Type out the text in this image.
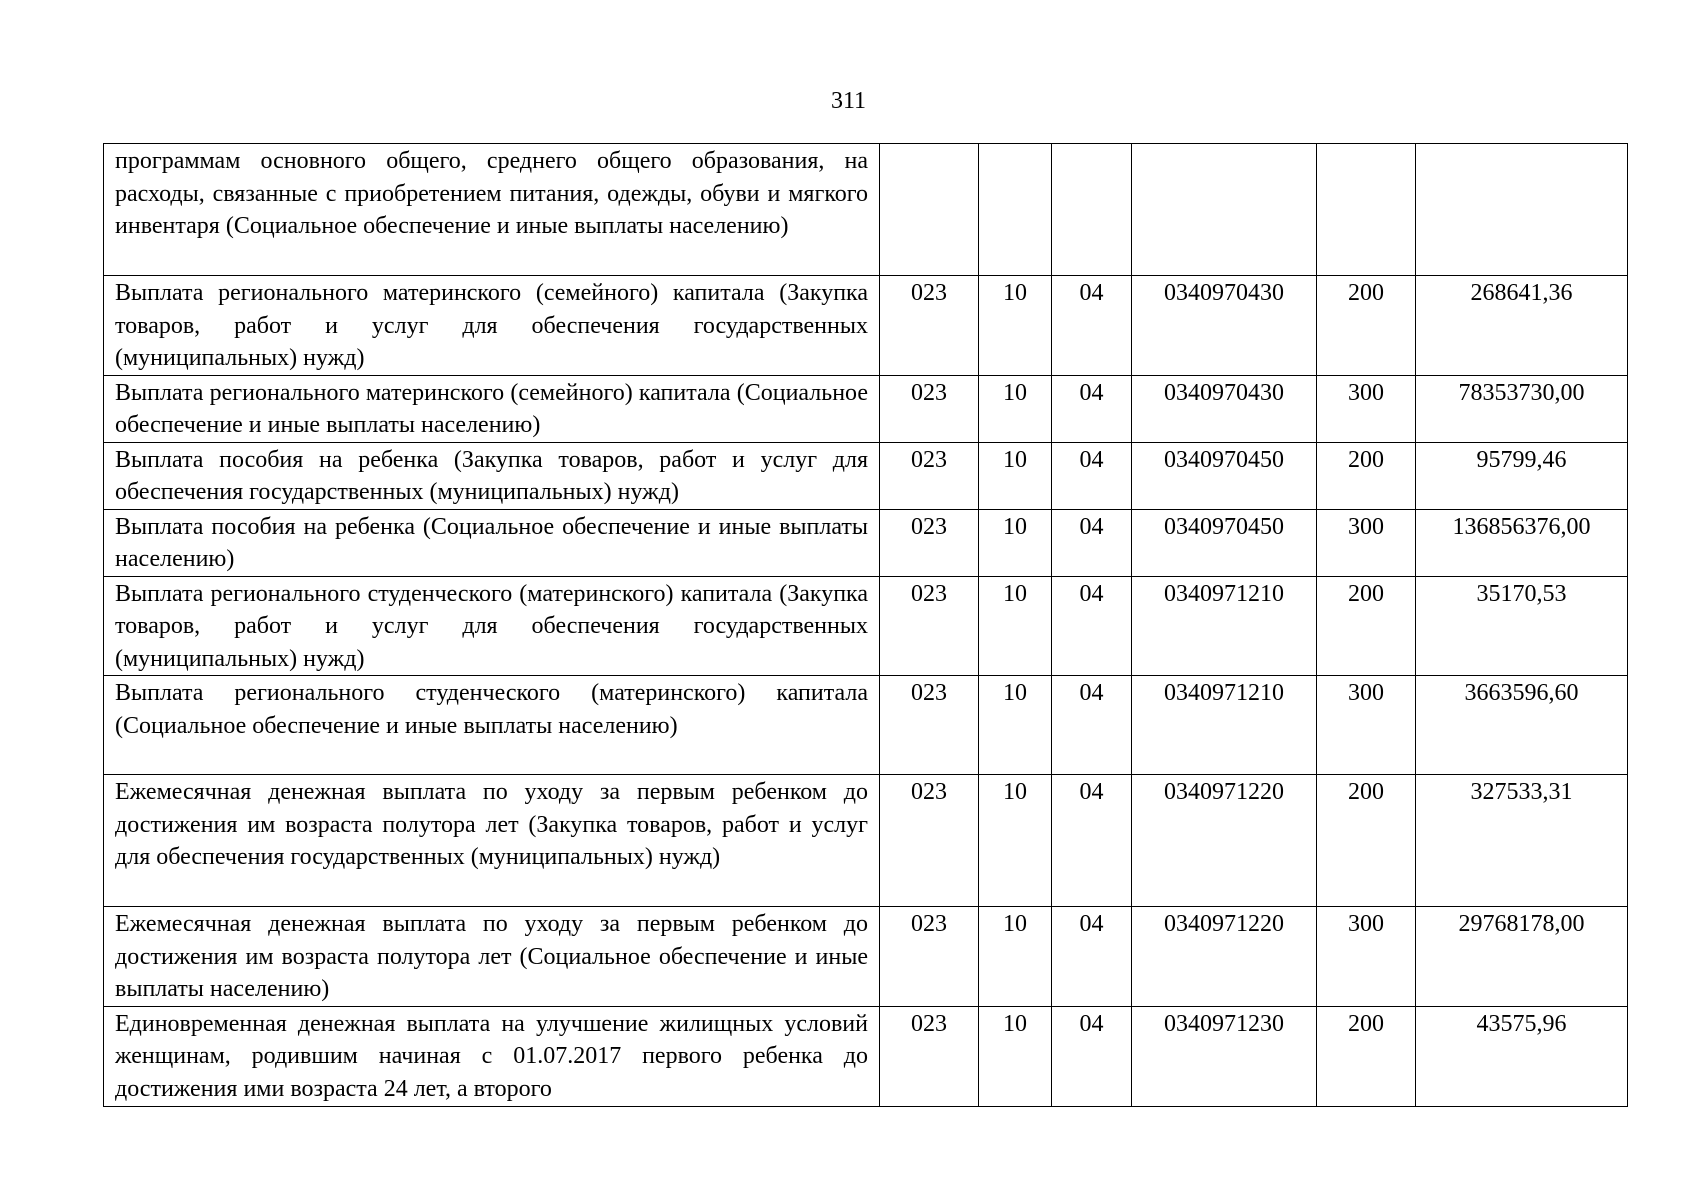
311
программам основного общего, среднего общего образования, на расходы, связанные с приобретением питания, одежды, обуви и мягкого инвентаря (Социальное обеспечение и иные выплаты населению)						
Выплата регионального материнского (семейного) капитала (Закупка товаров, работ и услуг для обеспечения государственных (муниципальных) нужд)	023	10	04	0340970430	200	268641,36
Выплата регионального материнского (семейного) капитала (Социальное обеспечение и иные выплаты населению)	023	10	04	0340970430	300	78353730,00
Выплата пособия на ребенка (Закупка товаров, работ и услуг для обеспечения государственных (муниципальных) нужд)	023	10	04	0340970450	200	95799,46
Выплата пособия на ребенка (Социальное обеспечение и иные выплаты населению)	023	10	04	0340970450	300	136856376,00
Выплата регионального студенческого (материнского) капитала (Закупка товаров, работ и услуг для обеспечения государственных (муниципальных) нужд)	023	10	04	0340971210	200	35170,53
Выплата регионального студенческого (материнского) капитала (Социальное обеспечение и иные выплаты населению)	023	10	04	0340971210	300	3663596,60
Ежемесячная денежная выплата по уходу за первым ребенком до достижения им возраста полутора лет (Закупка товаров, работ и услуг для обеспечения государственных (муниципальных) нужд)	023	10	04	0340971220	200	327533,31
Ежемесячная денежная выплата по уходу за первым ребенком до достижения им возраста полутора лет (Социальное обеспечение и иные выплаты населению)	023	10	04	0340971220	300	29768178,00
Единовременная денежная выплата на улучшение жилищных условий женщинам, родившим начиная с 01.07.2017 первого ребенка до достижения ими возраста 24 лет, а второго	023	10	04	0340971230	200	43575,96
